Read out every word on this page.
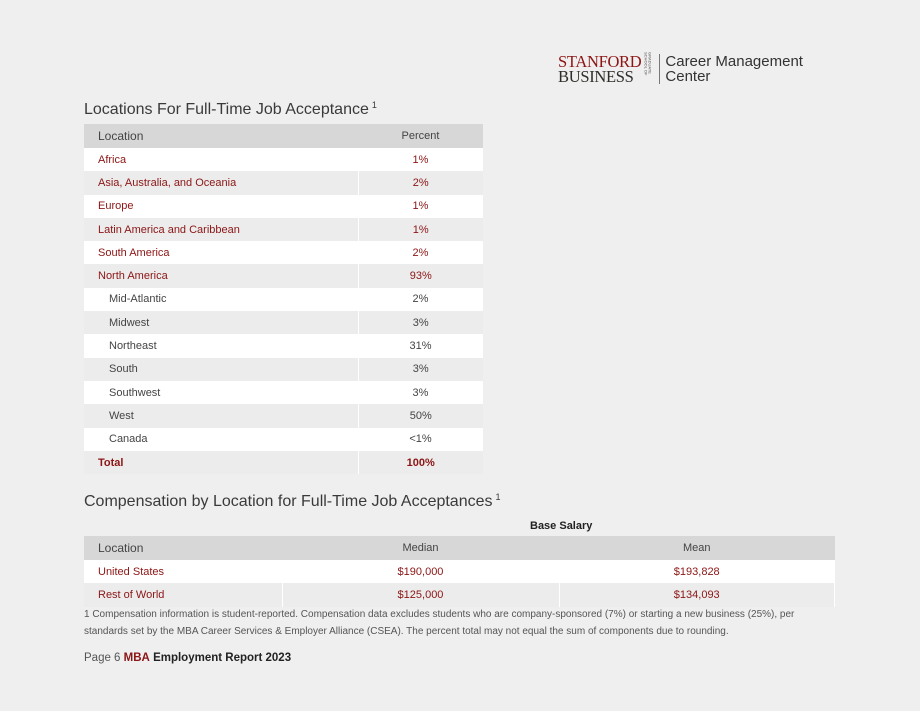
STANFORD
BUSINESS
GRADUATE SCHOOL OF Career Management
Center
Locations For Full-Time Job Acceptance $^1$
Location	Percent
Africa	1%
Asia, Australia, and Oceania	2%
Europe	1%
Latin America and Caribbean	1%
South America	2%
North America	93%
Mid-Atlantic	2%
Midwest	3%
Northeast	31%
South	3%
Southwest	3%
West	50%
Canada	<1%
Total	100%
Compensation by Location for Full-Time Job Acceptances $^1$
Base Salary
Location	Median	Mean
United States	$190,000	$193,828
Rest of World	$125,000	$134,093

1 Compensation information is student-reported. Compensation data excludes students who are company-sponsored (7%) or starting a new business (25%), per standards set by the MBA Career Services & Employer Alliance (CSEA). The percent total may not equal the sum of components due to rounding.

Page 6 MBA Employment Report 2023
